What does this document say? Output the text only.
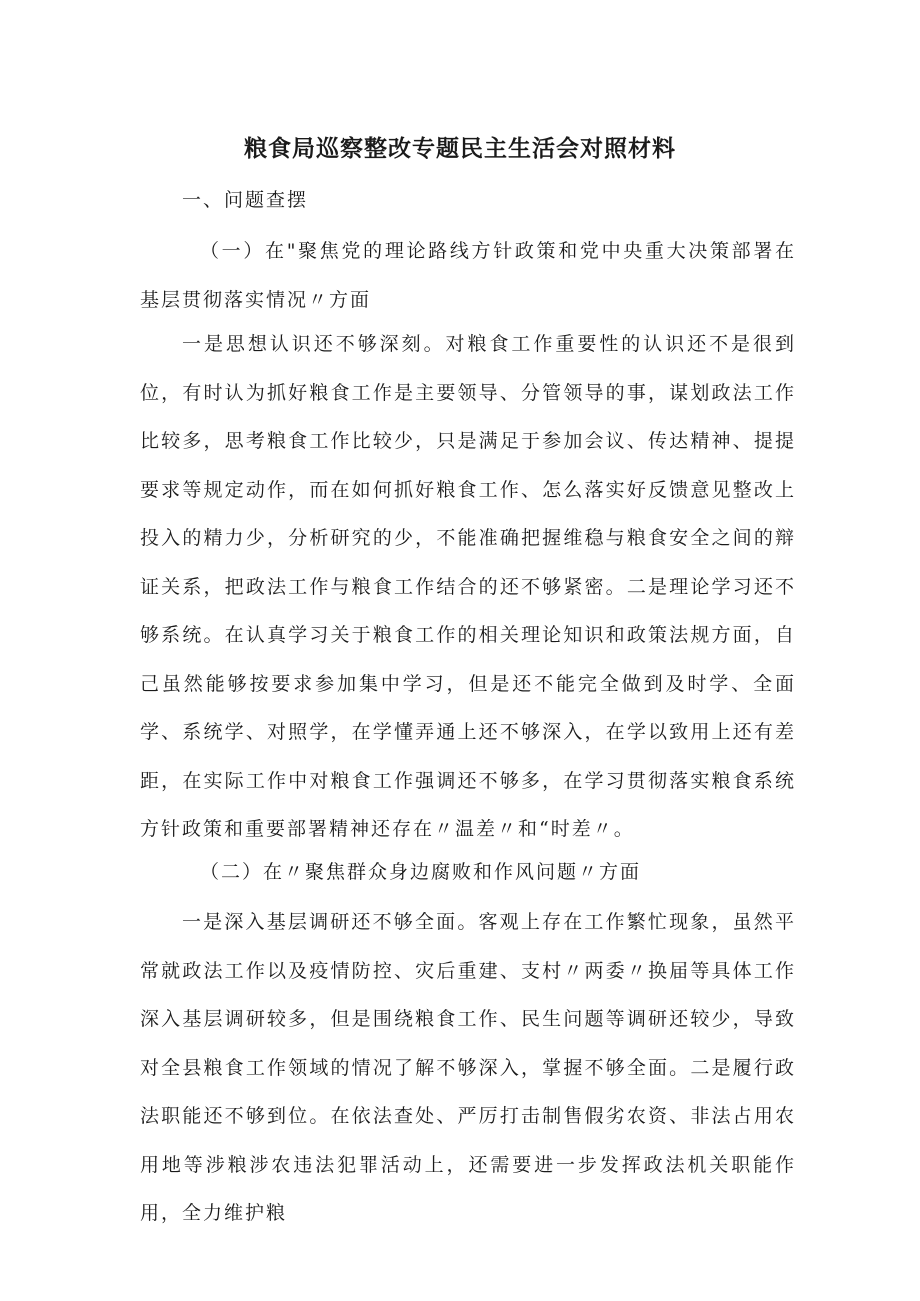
粮食局巡察整改专题民主生活会对照材料

一、问题查摆

（一）在"聚焦党的理论路线方针政策和党中央重大决策部署在基层贯彻落实情况〃方面

一是思想认识还不够深刻。对粮食工作重要性的认识还不是很到位，有时认为抓好粮食工作是主要领导、分管领导的事，谋划政法工作比较多，思考粮食工作比较少，只是满足于参加会议、传达精神、提提要求等规定动作，而在如何抓好粮食工作、怎么落实好反馈意见整改上投入的精力少，分析研究的少，不能准确把握维稳与粮食安全之间的辩证关系，把政法工作与粮食工作结合的还不够紧密。二是理论学习还不够系统。在认真学习关于粮食工作的相关理论知识和政策法规方面，自己虽然能够按要求参加集中学习，但是还不能完全做到及时学、全面学、系统学、对照学，在学懂弄通上还不够深入，在学以致用上还有差距，在实际工作中对粮食工作强调还不够多，在学习贯彻落实粮食系统方针政策和重要部署精神还存在〃温差〃和“时差〃。

（二）在〃聚焦群众身边腐败和作风问题〃方面

一是深入基层调研还不够全面。客观上存在工作繁忙现象，虽然平常就政法工作以及疫情防控、灾后重建、支村〃两委〃换届等具体工作深入基层调研较多，但是围绕粮食工作、民生问题等调研还较少，导致对全县粮食工作领域的情况了解不够深入，掌握不够全面。二是履行政法职能还不够到位。在依法查处、严厉打击制售假劣农资、非法占用农用地等涉粮涉农违法犯罪活动上，还需要进一步发挥政法机关职能作用，全力维护粮
